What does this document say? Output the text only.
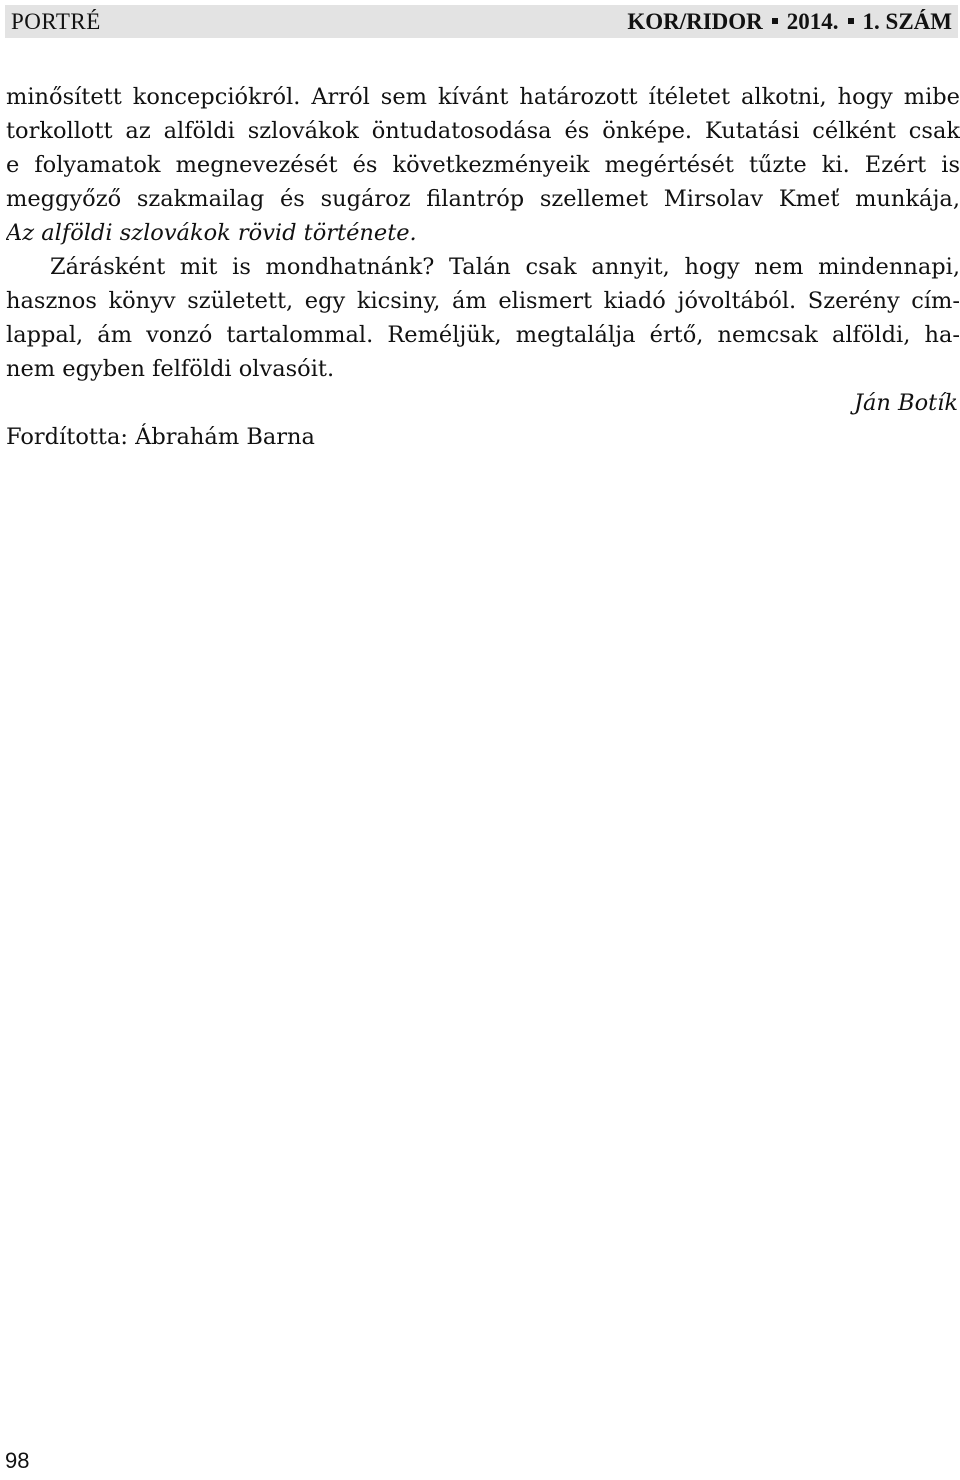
PORTRÉ	KOR/RIDOR 2014. 1. SZÁM
minősített koncepciókról. Arról sem kívánt határozott ítéletet alkotni, hogy mibe
torkollott az alföldi szlovákok öntudatosodása és önképe. Kutatási célként csak
e folyamatok megnevezését és következményeik megértését tűzte ki. Ezért is
meggyőző szakmailag és sugároz filantróp szellemet Mirsolav Kmeť munkája,
Az alföldi szlovákok rövid története.
Zárásként mit is mondhatnánk? Talán csak annyit, hogy nem mindennapi,
hasznos könyv született, egy kicsiny, ám elismert kiadó jóvoltából. Szerény cím-
lappal, ám vonzó tartalommal. Reméljük, megtalálja értő, nemcsak alföldi, ha-
nem egyben felföldi olvasóit.
Ján Botík
Fordította: Ábrahám Barna
98
